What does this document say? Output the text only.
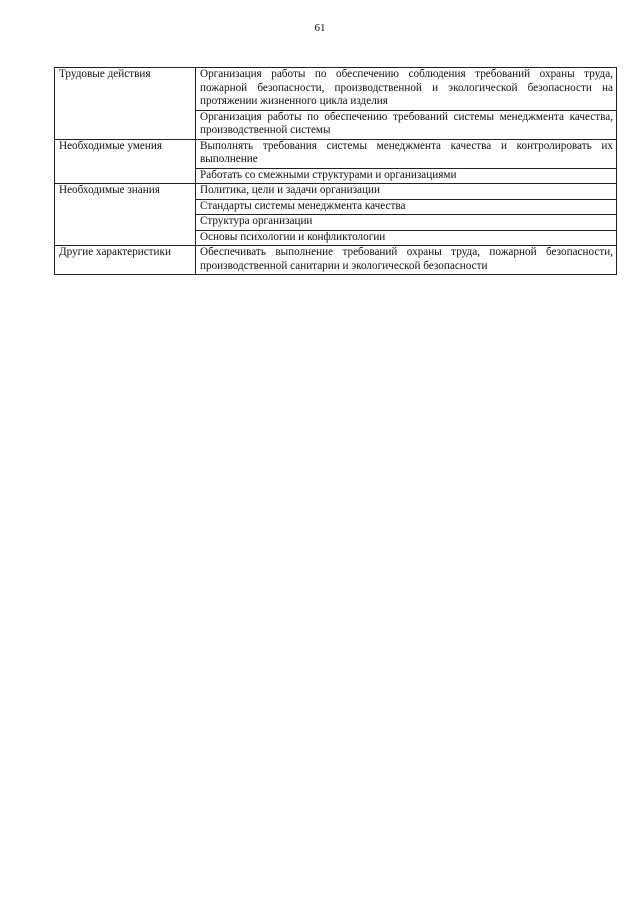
61
Трудовые действия	Организация работы по обеспечению соблюдения требований охраны труда, пожарной безопасности, производственной и экологической безопасности на протяжении жизненного цикла изделия
	Организация работы по обеспечению требований системы менеджмента качества, производственной системы
Необходимые умения	Выполнять требования системы менеджмента качества и контролировать их выполнение
	Работать со смежными структурами и организациями
Необходимые знания	Политика, цели и задачи организации
	Стандарты системы менеджмента качества
	Структура организации
	Основы психологии и конфликтологии
Другие характеристики	Обеспечивать выполнение требований охраны труда, пожарной безопасности, производственной санитарии и экологической безопасности
